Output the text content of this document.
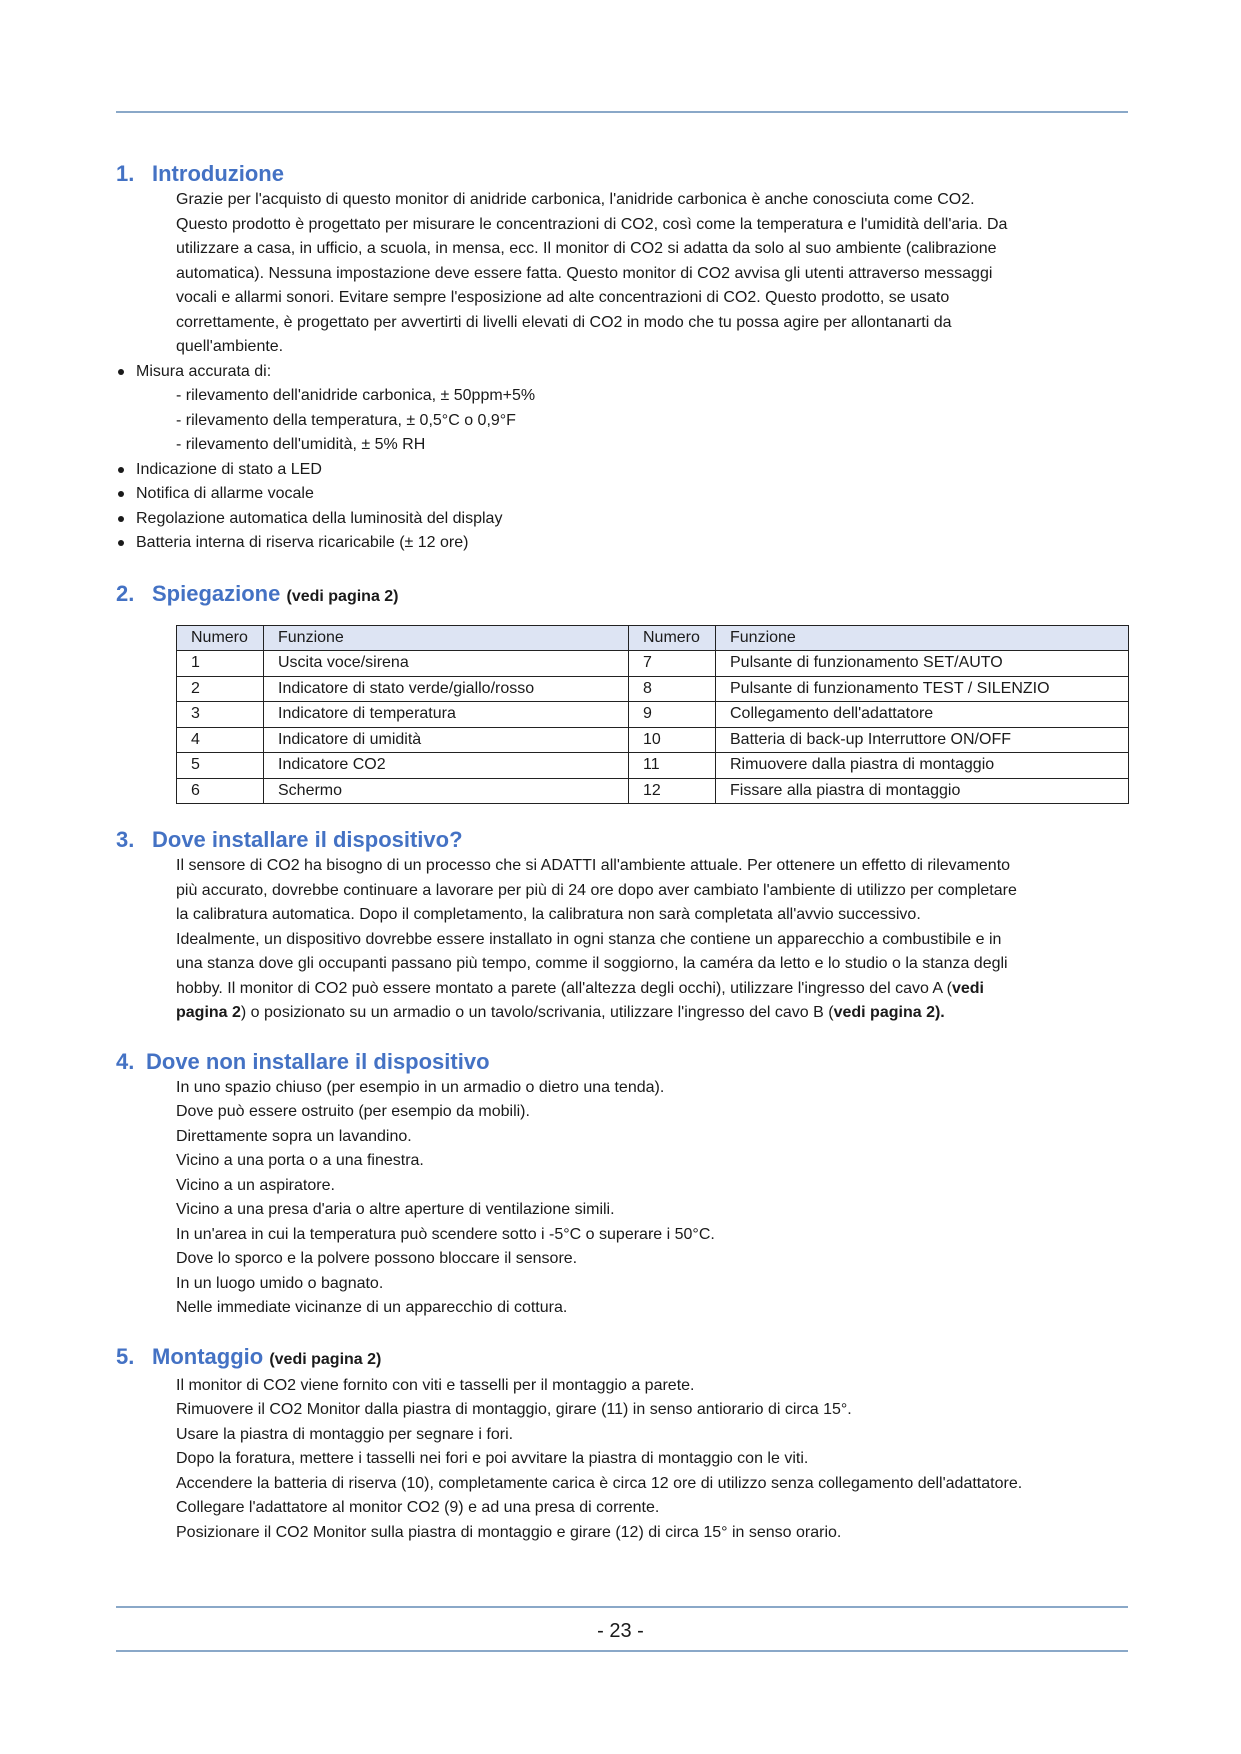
1. Introduzione

Grazie per l'acquisto di questo monitor di anidride carbonica, l'anidride carbonica è anche conosciuta come CO2.

Questo prodotto è progettato per misurare le concentrazioni di CO2, così come la temperatura e l'umidità dell'aria. Da

utilizzare a casa, in ufficio, a scuola, in mensa, ecc. Il monitor di CO2 si adatta da solo al suo ambiente (calibrazione

automatica). Nessuna impostazione deve essere fatta. Questo monitor di CO2 avvisa gli utenti attraverso messaggi

vocali e allarmi sonori. Evitare sempre l'esposizione ad alte concentrazioni di CO2. Questo prodotto, se usato

correttamente, è progettato per avvertirti di livelli elevati di CO2 in modo che tu possa agire per allontanarti da

quell'ambiente.

Misura accurata di:

- rilevamento dell'anidride carbonica, ± 50ppm+5%

- rilevamento della temperatura, ± 0,5°C o 0,9°F

- rilevamento dell'umidità, ± 5% RH

Indicazione di stato a LED

Notifica di allarme vocale

Regolazione automatica della luminosità del display

Batteria interna di riserva ricaricabile (± 12 ore)

2. Spiegazione (vedi pagina 2)
Numero	Funzione	Numero	Funzione
1	Uscita voce/sirena	7	Pulsante di funzionamento SET/AUTO
2	Indicatore di stato verde/giallo/rosso	8	Pulsante di funzionamento TEST / SILENZIO
3	Indicatore di temperatura	9	Collegamento dell'adattatore
4	Indicatore di umidità	10	Batteria di back-up Interruttore ON/OFF
5	Indicatore CO2	11	Rimuovere dalla piastra di montaggio
6	Schermo	12	Fissare alla piastra di montaggio
3. Dove installare il dispositivo?

Il sensore di CO2 ha bisogno di un processo che si ADATTI all'ambiente attuale. Per ottenere un effetto di rilevamento

più accurato, dovrebbe continuare a lavorare per più di 24 ore dopo aver cambiato l'ambiente di utilizzo per completare

la calibratura automatica. Dopo il completamento, la calibratura non sarà completata all'avvio successivo.

Idealmente, un dispositivo dovrebbe essere installato in ogni stanza che contiene un apparecchio a combustibile e in

una stanza dove gli occupanti passano più tempo, comme il soggiorno, la caméra da letto e lo studio o la stanza degli

hobby. Il monitor di CO2 può essere montato a parete (all'altezza degli occhi), utilizzare l'ingresso del cavo A (vedi

pagina 2) o posizionato su un armadio o un tavolo/scrivania, utilizzare l'ingresso del cavo B (vedi pagina 2).

4. Dove non installare il dispositivo

In uno spazio chiuso (per esempio in un armadio o dietro una tenda).

Dove può essere ostruito (per esempio da mobili).

Direttamente sopra un lavandino.

Vicino a una porta o a una finestra.

Vicino a un aspiratore.

Vicino a una presa d'aria o altre aperture di ventilazione simili.

In un'area in cui la temperatura può scendere sotto i -5°C o superare i 50°C.

Dove lo sporco e la polvere possono bloccare il sensore.

In un luogo umido o bagnato.

Nelle immediate vicinanze di un apparecchio di cottura.

5. Montaggio (vedi pagina 2)

Il monitor di CO2 viene fornito con viti e tasselli per il montaggio a parete.

Rimuovere il CO2 Monitor dalla piastra di montaggio, girare (11) in senso antiorario di circa 15°.

Usare la piastra di montaggio per segnare i fori.

Dopo la foratura, mettere i tasselli nei fori e poi avvitare la piastra di montaggio con le viti.

Accendere la batteria di riserva (10), completamente carica è circa 12 ore di utilizzo senza collegamento dell'adattatore.

Collegare l'adattatore al monitor CO2 (9) e ad una presa di corrente.

Posizionare il CO2 Monitor sulla piastra di montaggio e girare (12) di circa 15° in senso orario.

- 23 -
